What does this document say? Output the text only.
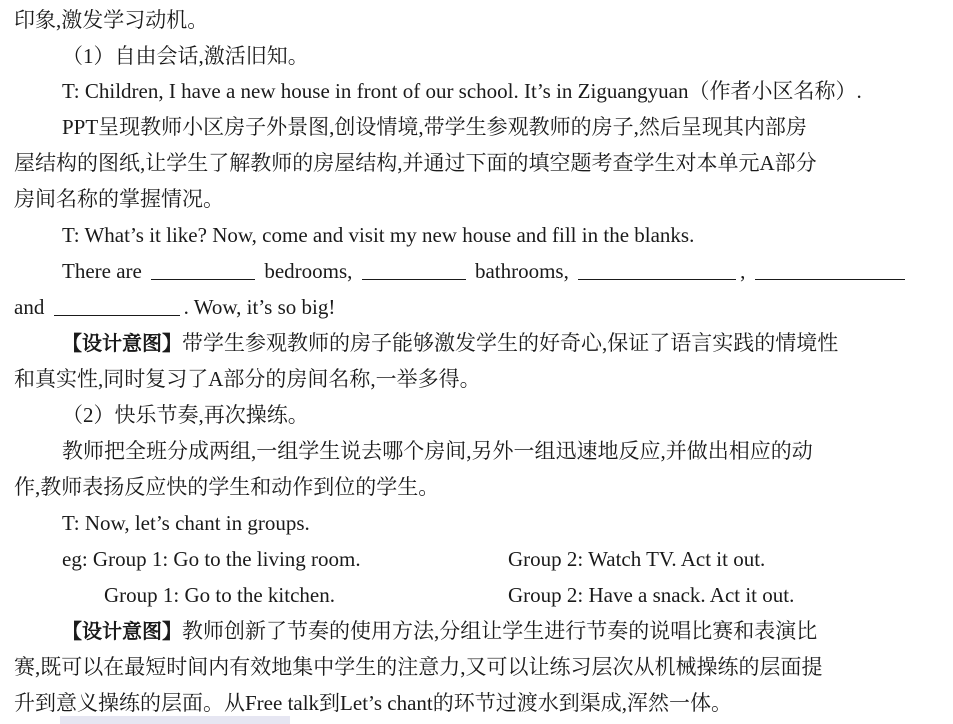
印象,激发学习动机。
（1）自由会话,激活旧知。
T: Children, I have a new house in front of our school. It’s in Ziguangyuan（作者小区名称）.
PPT呈现教师小区房子外景图,创设情境,带学生参观教师的房子,然后呈现其内部房
屋结构的图纸,让学生了解教师的房屋结构,并通过下面的填空题考查学生对本单元A部分
房间名称的掌握情况。
T: What’s it like? Now, come and visit my new house and fill in the blanks.
There are	bedrooms,	bathrooms,	,
and	. Wow, it’s so big!
【设计意图】带学生参观教师的房子能够激发学生的好奇心,保证了语言实践的情境性
和真实性,同时复习了A部分的房间名称,一举多得。
（2）快乐节奏,再次操练。
教师把全班分成两组,一组学生说去哪个房间,另外一组迅速地反应,并做出相应的动
作,教师表扬反应快的学生和动作到位的学生。
T: Now, let’s chant in groups.
eg: Group 1: Go to the living room.	Group 2: Watch TV. Act it out.
Group 1: Go to the kitchen.	Group 2: Have a snack. Act it out.
【设计意图】教师创新了节奏的使用方法,分组让学生进行节奏的说唱比赛和表演比
赛,既可以在最短时间内有效地集中学生的注意力,又可以让练习层次从机械操练的层面提
升到意义操练的层面。从Free talk到Let’s chant的环节过渡水到渠成,浑然一体。
